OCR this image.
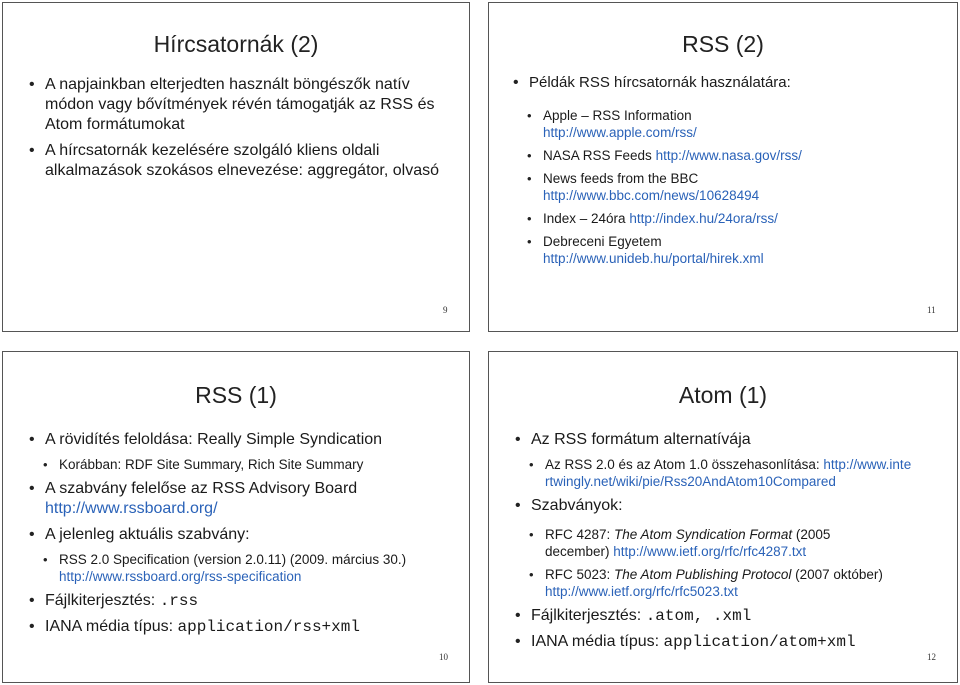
Hírcsatornák (2)
• A napjainkban elterjedten használt böngészők natív módon vagy bővítmények révén támogatják az RSS és Atom formátumokat
• A hírcsatornák kezelésére szolgáló kliens oldali alkalmazások szokásos elnevezése: aggregátor, olvasó
9
RSS (2)
• Példák RSS hírcsatornák használatára:
• Apple – RSS Information http://www.apple.com/rss/
• NASA RSS Feeds http://www.nasa.gov/rss/
• News feeds from the BBC http://www.bbc.com/news/10628494
• Index – 24óra http://index.hu/24ora/rss/
• Debreceni Egyetem http://www.unideb.hu/portal/hirek.xml
11
RSS (1)
• A rövidítés feloldása: Really Simple Syndication
• Korábban: RDF Site Summary, Rich Site Summary
• A szabvány felelőse az RSS Advisory Board http://www.rssboard.org/
• A jelenleg aktuális szabvány:
• RSS 2.0 Specification (version 2.0.11) (2009. március 30.) http://www.rssboard.org/rss-specification
• Fájlkiterjesztés: .rss
• IANA média típus: application/rss+xml
10
Atom (1)
• Az RSS formátum alternatívája
• Az RSS 2.0 és az Atom 1.0 összehasonlítása: http://www.intertwingly.net/wiki/pie/Rss20AndAtom10Compared
• Szabványok:
• RFC 4287: The Atom Syndication Format (2005 december) http://www.ietf.org/rfc/rfc4287.txt
• RFC 5023: The Atom Publishing Protocol (2007 október) http://www.ietf.org/rfc/rfc5023.txt
• Fájlkiterjesztés: .atom, .xml
• IANA média típus: application/atom+xml
12
